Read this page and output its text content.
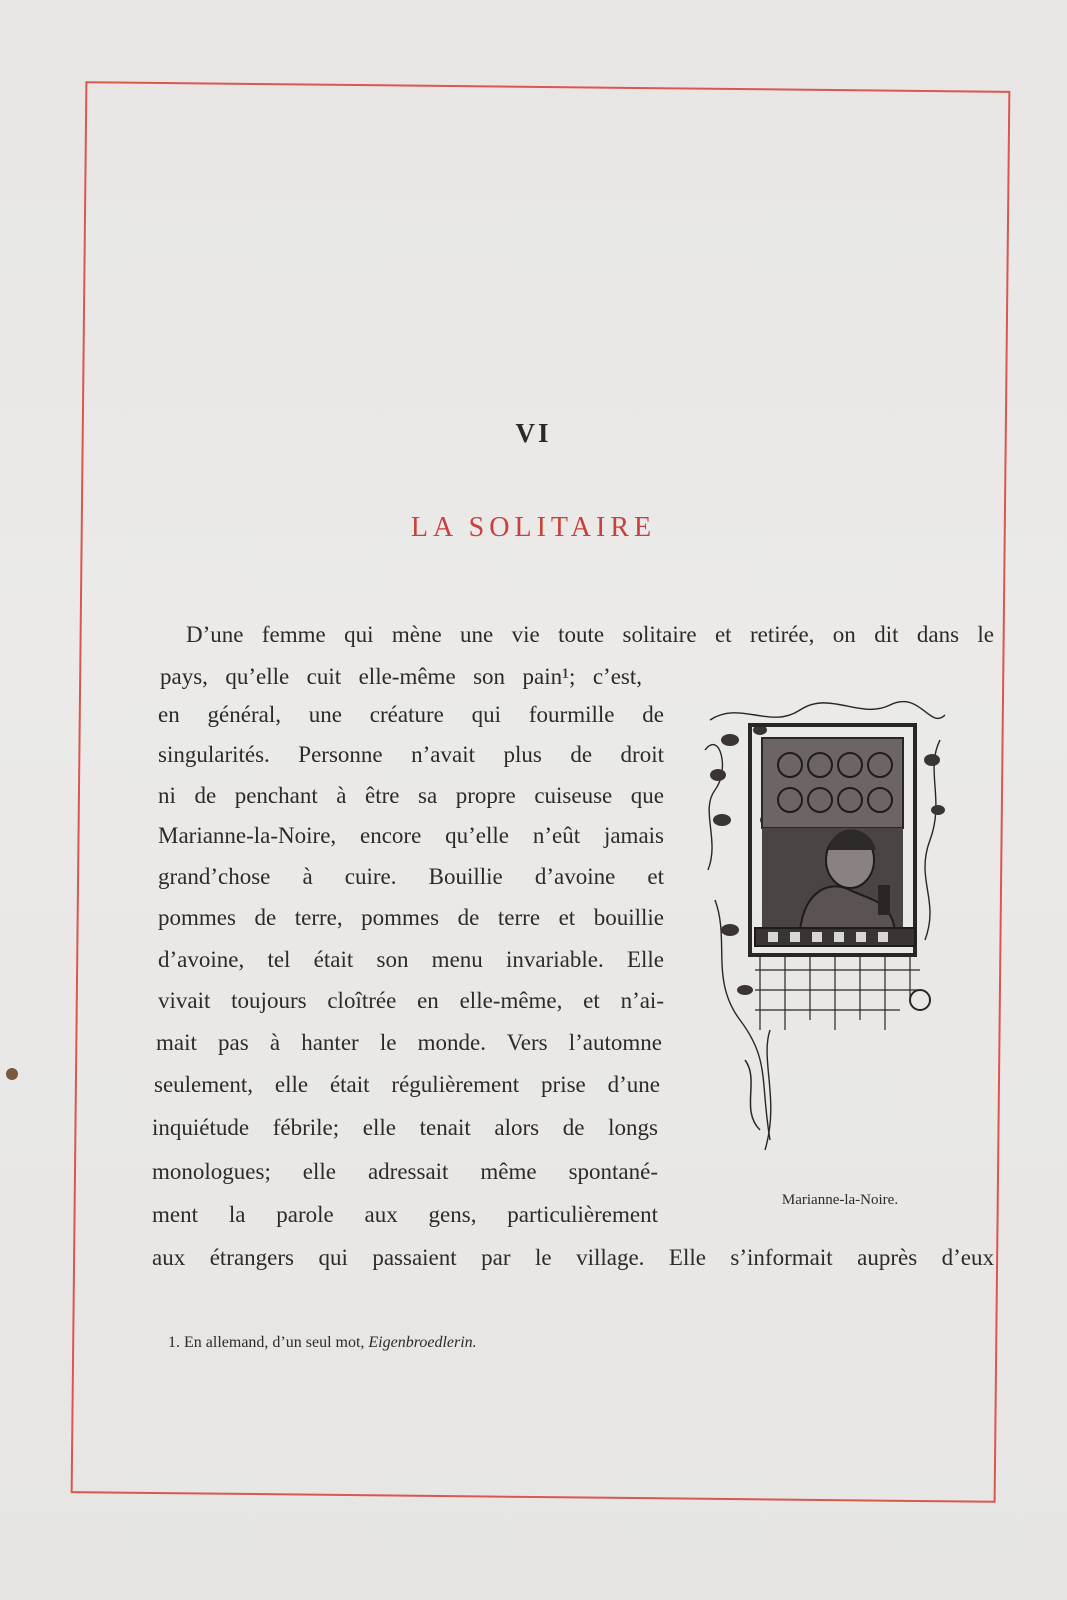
VI
LA SOLITAIRE
D’une femme qui mène une vie toute solitaire et retirée, on dit dans le
pays, qu’elle cuit elle-même son pain¹; c’est,
en général, une créature qui fourmille de
singularités. Personne n’avait plus de droit
ni de penchant à être sa propre cuiseuse que
Marianne-la-Noire, encore qu’elle n’eût jamais
grand’chose à cuire. Bouillie d’avoine et
pommes de terre, pommes de terre et bouillie
d’avoine, tel était son menu invariable. Elle
vivait toujours cloîtrée en elle-même, et n’ai-
mait pas à hanter le monde. Vers l’automne
seulement, elle était régulièrement prise d’une
inquiétude fébrile; elle tenait alors de longs
monologues; elle adressait même spontané-
ment la parole aux gens, particulièrement
aux étrangers qui passaient par le village. Elle s’informait auprès d’eux
Marianne-la-Noire.
1. En allemand, d’un seul mot, Eigenbroedlerin.
